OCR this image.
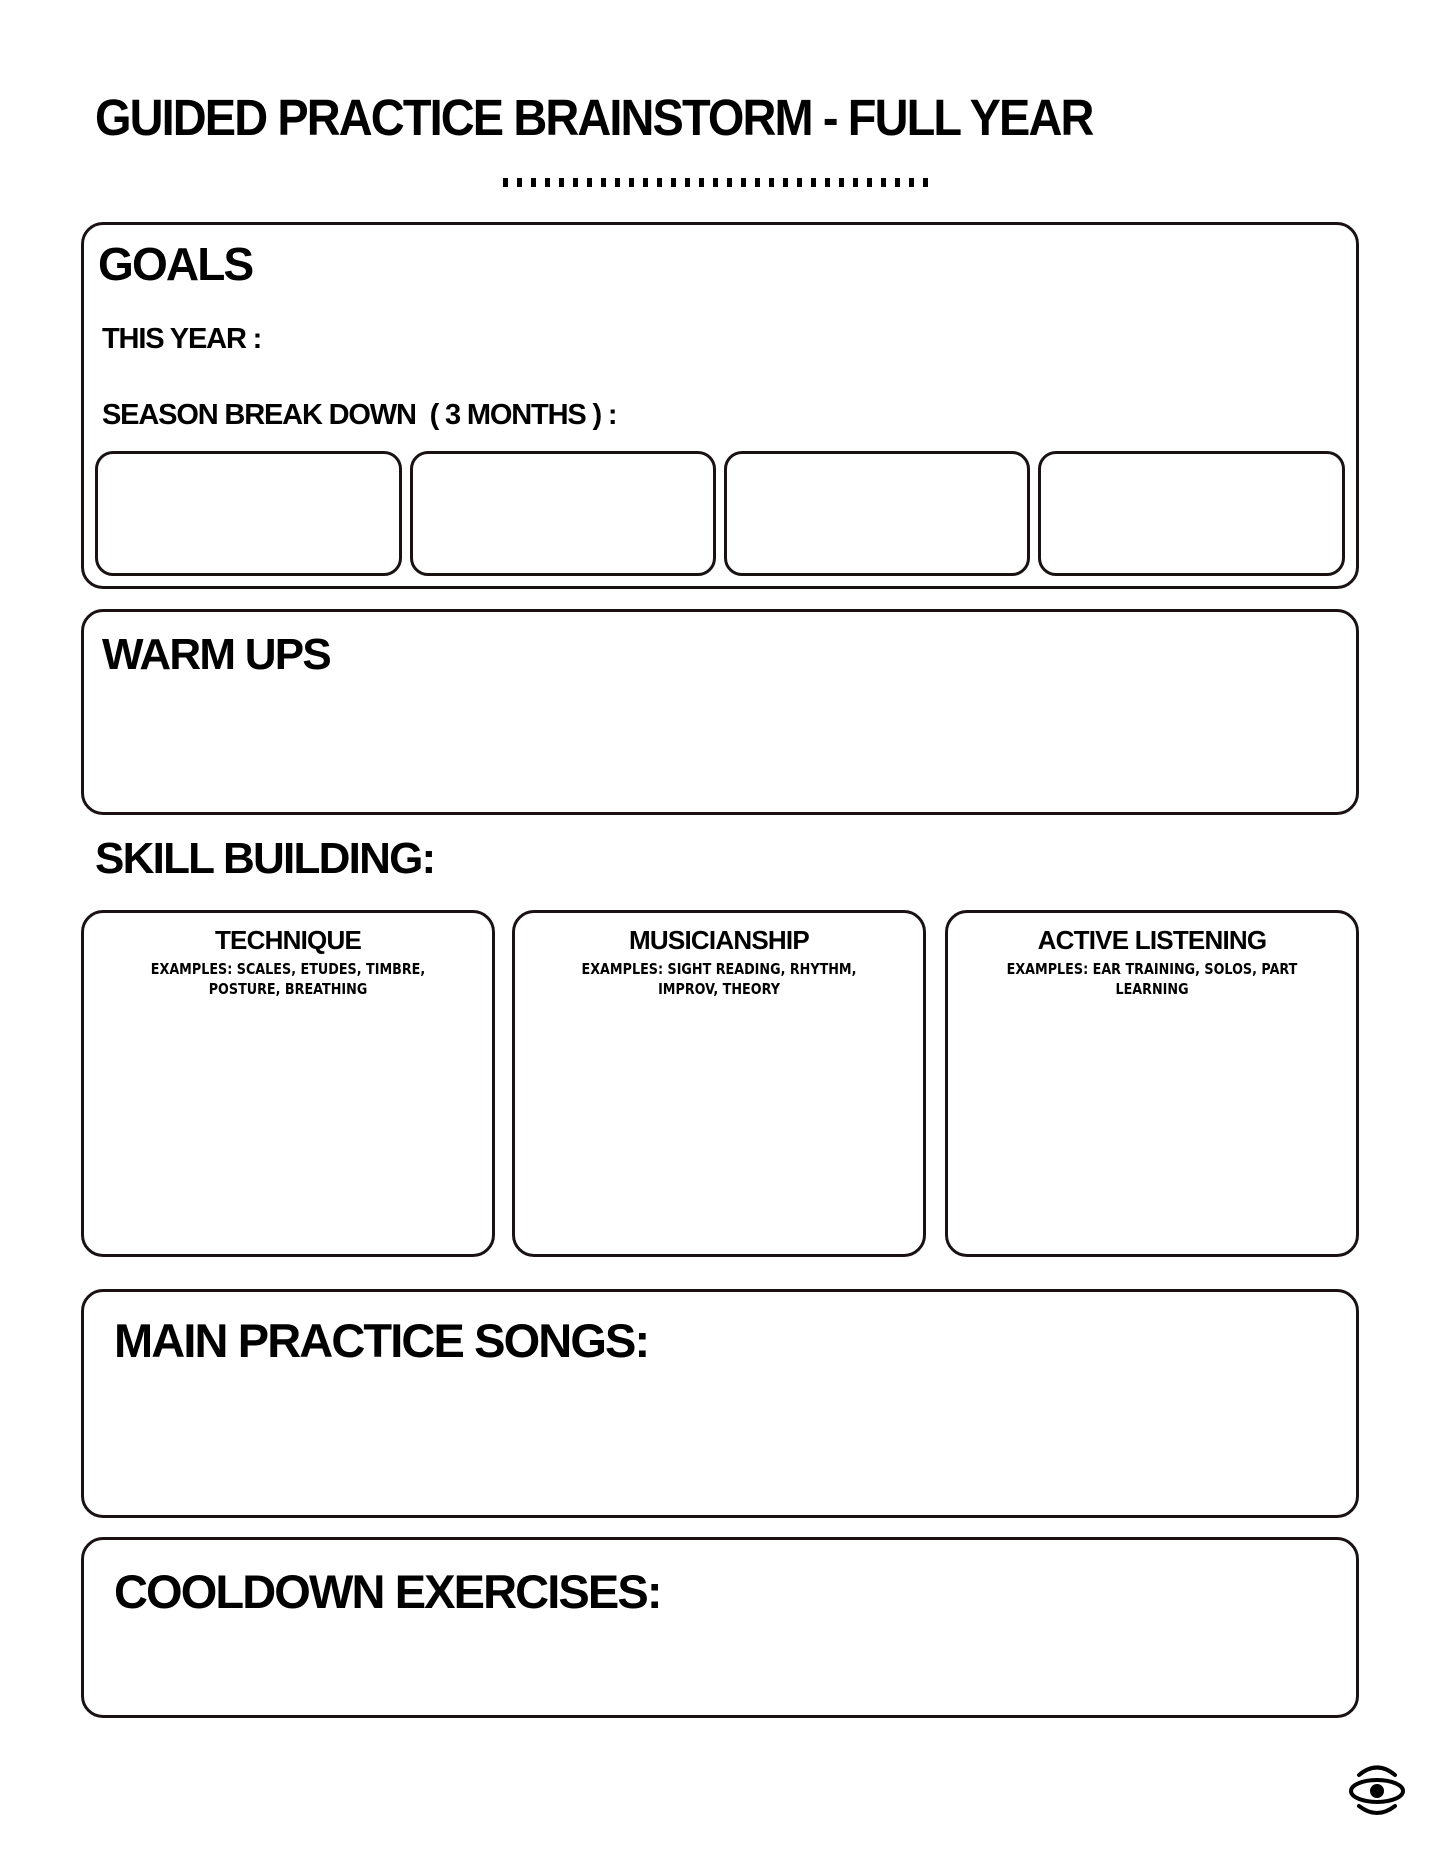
GUIDED PRACTICE BRAINSTORM - FULL YEAR
GOALS
THIS YEAR :
SEASON BREAK DOWN  ( 3 MONTHS ) :
WARM UPS
SKILL BUILDING:
TECHNIQUE
EXAMPLES: SCALES, ETUDES, TIMBRE, POSTURE, BREATHING
MUSICIANSHIP
EXAMPLES: SIGHT READING, RHYTHM, IMPROV, THEORY
ACTIVE LISTENING
EXAMPLES: EAR TRAINING, SOLOS, PART LEARNING
MAIN PRACTICE SONGS:
COOLDOWN EXERCISES:
